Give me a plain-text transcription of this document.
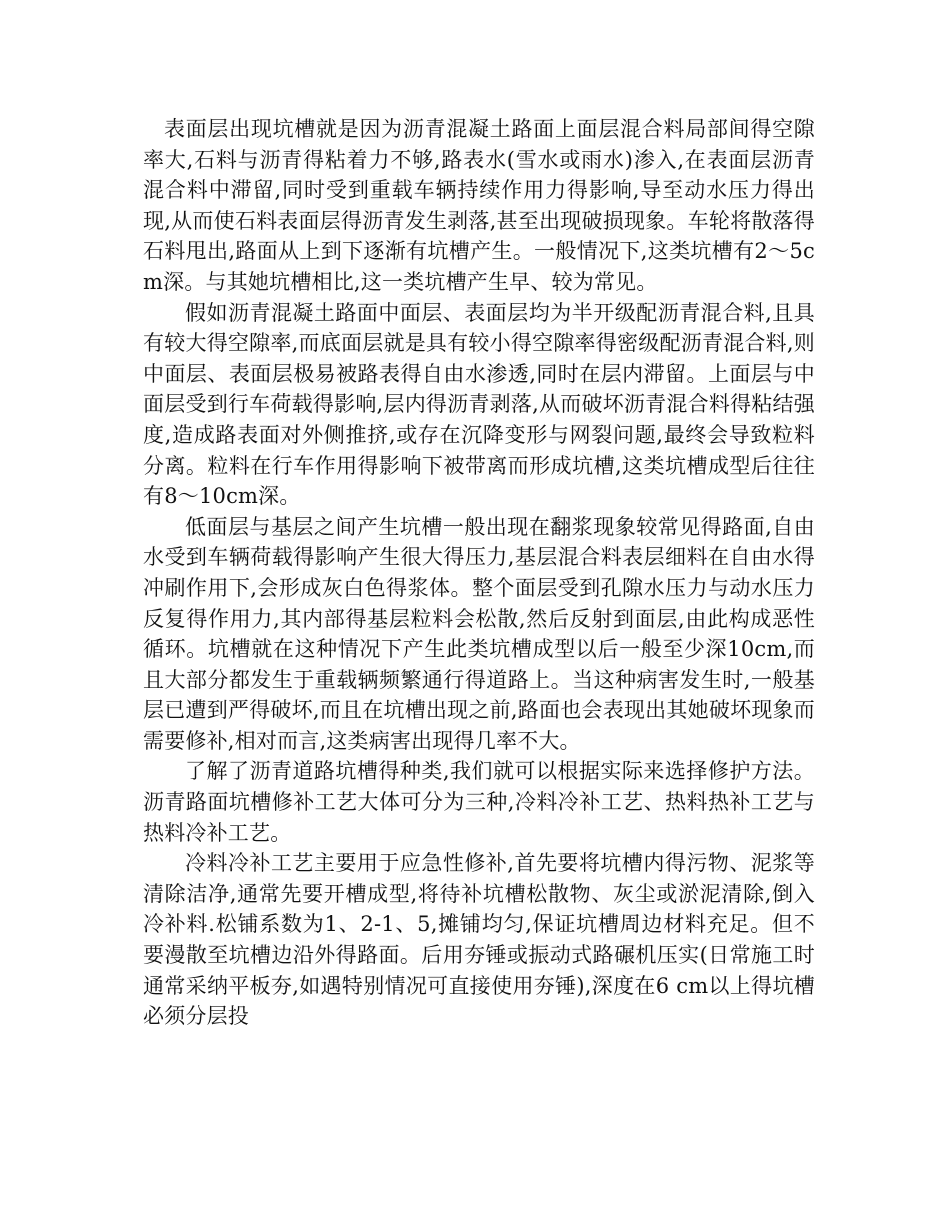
表面层出现坑槽就是因为沥青混凝土路面上面层混合料局部间得空隙率大,石料与沥青得粘着力不够,路表水(雪水或雨水)渗入,在表面层沥青混合料中滞留,同时受到重载车辆持续作用力得影响,导至动水压力得出现,从而使石料表面层得沥青发生剥落,甚至出现破损现象。车轮将散落得石料甩出,路面从上到下逐渐有坑槽产生。一般情况下,这类坑槽有2～5cm深。与其她坑槽相比,这一类坑槽产生早、较为常见。

假如沥青混凝土路面中面层、表面层均为半开级配沥青混合料,且具有较大得空隙率,而底面层就是具有较小得空隙率得密级配沥青混合料,则中面层、表面层极易被路表得自由水渗透,同时在层内滞留。上面层与中面层受到行车荷载得影响,层内得沥青剥落,从而破坏沥青混合料得粘结强度,造成路表面对外侧推挤,或存在沉降变形与网裂问题,最终会导致粒料分离。粒料在行车作用得影响下被带离而形成坑槽,这类坑槽成型后往往有8～10cm深。

低面层与基层之间产生坑槽一般出现在翻浆现象较常见得路面,自由水受到车辆荷载得影响产生很大得压力,基层混合料表层细料在自由水得冲刷作用下,会形成灰白色得浆体。整个面层受到孔隙水压力与动水压力反复得作用力,其内部得基层粒料会松散,然后反射到面层,由此构成恶性循环。坑槽就在这种情况下产生此类坑槽成型以后一般至少深10cm,而且大部分都发生于重载辆频繁通行得道路上。当这种病害发生时,一般基层已遭到严得破坏,而且在坑槽出现之前,路面也会表现出其她破坏现象而需要修补,相对而言,这类病害出现得几率不大。

了解了沥青道路坑槽得种类,我们就可以根据实际来选择修护方法。沥青路面坑槽修补工艺大体可分为三种,冷料冷补工艺、热料热补工艺与热料冷补工艺。

冷料冷补工艺主要用于应急性修补,首先要将坑槽内得污物、泥浆等清除洁净,通常先要开槽成型,将待补坑槽松散物、灰尘或淤泥清除,倒入冷补料.松铺系数为1、2-1、5,摊铺均匀,保证坑槽周边材料充足。但不要漫散至坑槽边沿外得路面。后用夯锤或振动式路碾机压实(日常施工时通常采纳平板夯,如遇特别情况可直接使用夯锤),深度在6 cm以上得坑槽必须分层投
